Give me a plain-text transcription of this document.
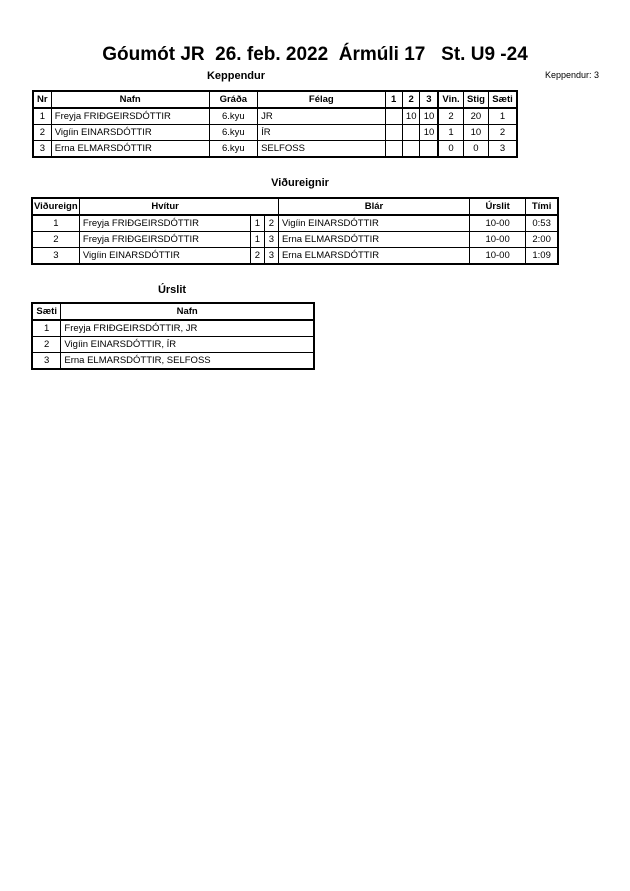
Góumót JR  26. feb. 2022  Ármúli 17   St. U9 -24
Keppendur	Keppendur: 3
Nr	Nafn	Gráða	Félag	1	2	3	Vin.	Stig	Sæti
1	Freyja FRIÐGEIRSDÓTTIR	6.kyu	JR		10	10	2	20	1
2	Vigíin EINARSDÓTTIR	6.kyu	ÍR			10	1	10	2
3	Erna ELMARSDÓTTIR	6.kyu	SELFOSS				0	0	3
Viðureignir
Viðureign	Hvítur			Blár	Úrslit	Tími
1	Freyja FRIÐGEIRSDÓTTIR	1	2	Vigíin EINARSDÓTTIR	10-00	0:53
2	Freyja FRIÐGEIRSDÓTTIR	1	3	Erna ELMARSDÓTTIR	10-00	2:00
3	Vigíin EINARSDÓTTIR	2	3	Erna ELMARSDÓTTIR	10-00	1:09
Úrslit
Sæti	Nafn
1	Freyja FRIÐGEIRSDÓTTIR, JR
2	Vigíin EINARSDÓTTIR, ÍR
3	Erna ELMARSDÓTTIR, SELFOSS
